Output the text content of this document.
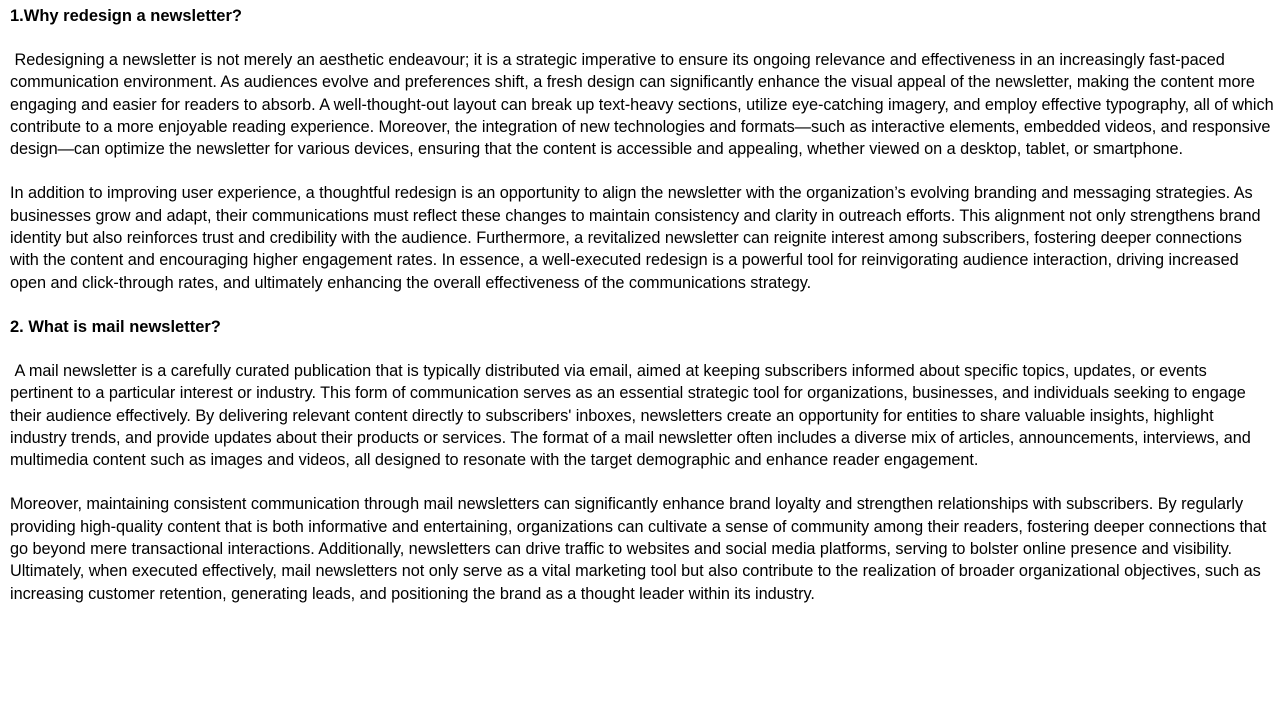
1.Why redesign a newsletter?

Redesigning a newsletter is not merely an aesthetic endeavour; it is a strategic imperative to ensure its ongoing relevance and effectiveness in an increasingly fast-paced communication environment. As audiences evolve and preferences shift, a fresh design can significantly enhance the visual appeal of the newsletter, making the content more engaging and easier for readers to absorb. A well-thought-out layout can break up text-heavy sections, utilize eye-catching imagery, and employ effective typography, all of which contribute to a more enjoyable reading experience. Moreover, the integration of new technologies and formats—such as interactive elements, embedded videos, and responsive design—can optimize the newsletter for various devices, ensuring that the content is accessible and appealing, whether viewed on a desktop, tablet, or smartphone.

In addition to improving user experience, a thoughtful redesign is an opportunity to align the newsletter with the organization’s evolving branding and messaging strategies. As businesses grow and adapt, their communications must reflect these changes to maintain consistency and clarity in outreach efforts. This alignment not only strengthens brand identity but also reinforces trust and credibility with the audience. Furthermore, a revitalized newsletter can reignite interest among subscribers, fostering deeper connections with the content and encouraging higher engagement rates. In essence, a well-executed redesign is a powerful tool for reinvigorating audience interaction, driving increased open and click-through rates, and ultimately enhancing the overall effectiveness of the communications strategy.

2. What is mail newsletter?

A mail newsletter is a carefully curated publication that is typically distributed via email, aimed at keeping subscribers informed about specific topics, updates, or events pertinent to a particular interest or industry. This form of communication serves as an essential strategic tool for organizations, businesses, and individuals seeking to engage their audience effectively. By delivering relevant content directly to subscribers' inboxes, newsletters create an opportunity for entities to share valuable insights, highlight industry trends, and provide updates about their products or services. The format of a mail newsletter often includes a diverse mix of articles, announcements, interviews, and multimedia content such as images and videos, all designed to resonate with the target demographic and enhance reader engagement.

Moreover, maintaining consistent communication through mail newsletters can significantly enhance brand loyalty and strengthen relationships with subscribers. By regularly providing high-quality content that is both informative and entertaining, organizations can cultivate a sense of community among their readers, fostering deeper connections that go beyond mere transactional interactions. Additionally, newsletters can drive traffic to websites and social media platforms, serving to bolster online presence and visibility. Ultimately, when executed effectively, mail newsletters not only serve as a vital marketing tool but also contribute to the realization of broader organizational objectives, such as increasing customer retention, generating leads, and positioning the brand as a thought leader within its industry.
